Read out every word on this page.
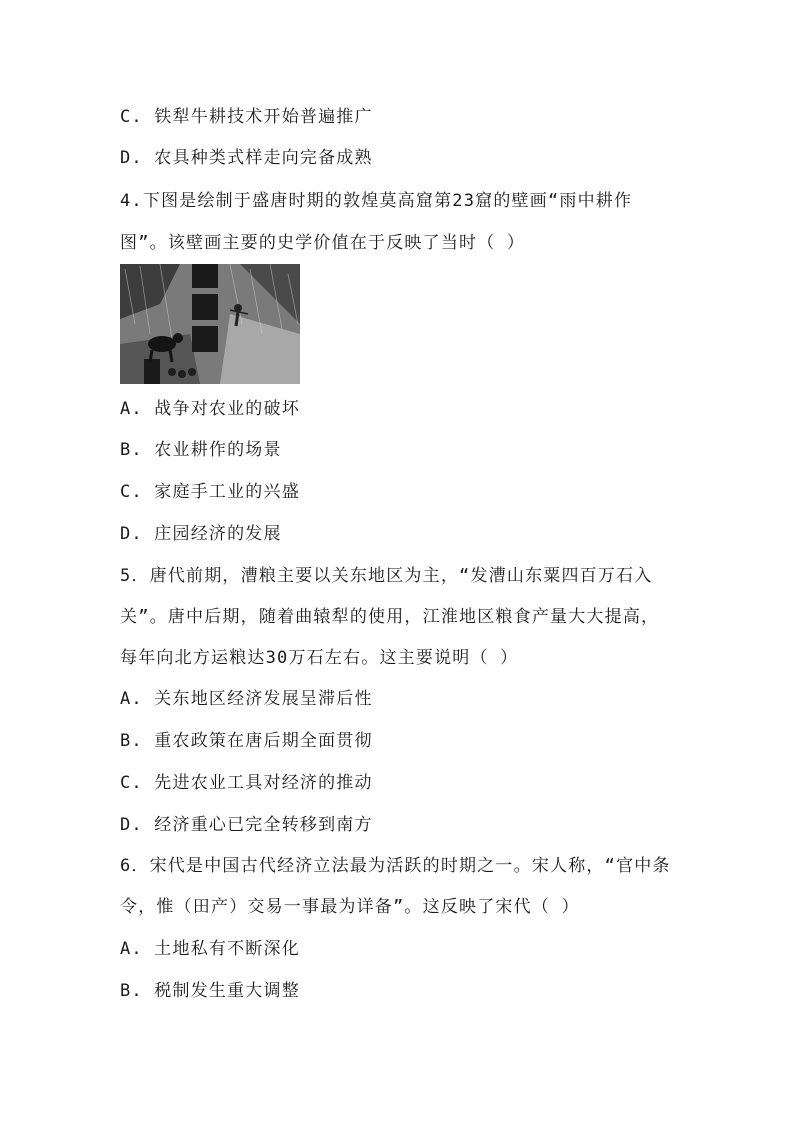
C. 铁犁牛耕技术开始普遍推广
D. 农具种类式样走向完备成熟
4.下图是绘制于盛唐时期的敦煌莫高窟第23窟的壁画“雨中耕作
图”。该壁画主要的史学价值在于反映了当时（ ）
A. 战争对农业的破坏
B. 农业耕作的场景
C. 家庭手工业的兴盛
D. 庄园经济的发展
5．唐代前期，漕粮主要以关东地区为主，“发漕山东粟四百万石入
关”。唐中后期，随着曲辕犁的使用，江淮地区粮食产量大大提高，
每年向北方运粮达30万石左右。这主要说明（ ）
A. 关东地区经济发展呈滞后性
B. 重农政策在唐后期全面贯彻
C. 先进农业工具对经济的推动
D. 经济重心已完全转移到南方
6．宋代是中国古代经济立法最为活跃的时期之一。宋人称，“官中条
令，惟（田产）交易一事最为详备”。这反映了宋代（ ）
A. 土地私有不断深化
B. 税制发生重大调整
